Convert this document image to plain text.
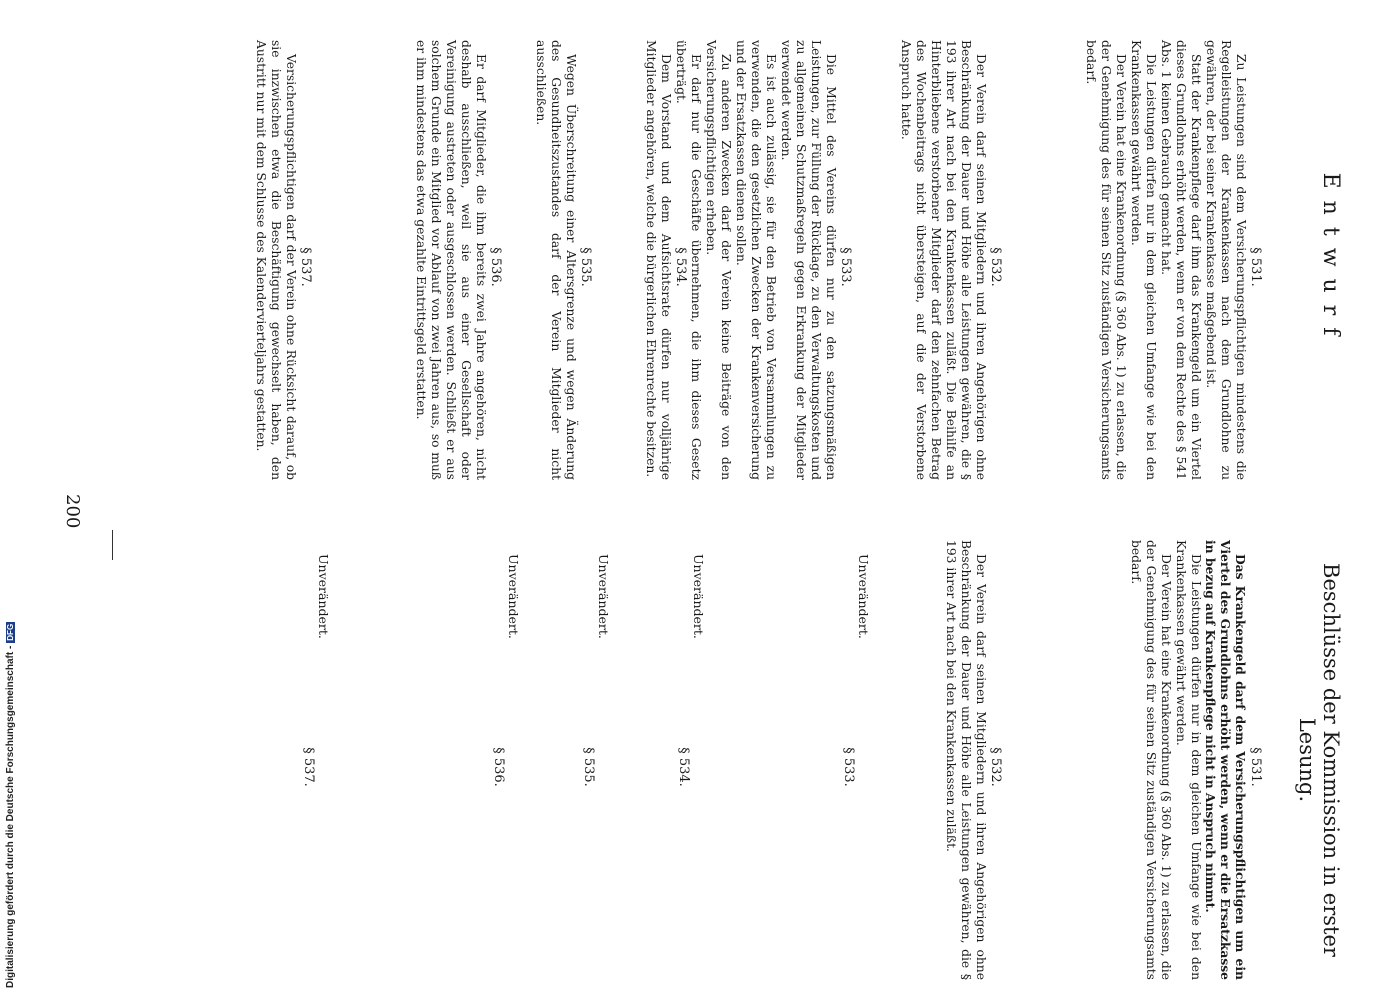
200
Entwurf

§ 531.

Zu Leistungen sind dem Versicherungspflichtigen mindestens die Regelleistungen der Krankenkassen nach dem Grundlohne zu gewähren, der bei seiner Krankenkasse maßgebend ist.

Statt der Krankenpflege darf ihm das Krankengeld um ein Viertel dieses Grundlohns erhöht werden, wenn er von dem Rechte des § 541 Abs. 1 keinen Gebrauch gemacht hat.

Die Leistungen dürfen nur in dem gleichen Umfange wie bei den Krankenkassen gewährt werden.

Der Verein hat eine Krankenordnung (§ 360 Abs. 1) zu erlassen, die der Genehmigung des für seinen Sitz zuständigen Versicherungsamts bedarf.

§ 532.

Der Verein darf seinen Mitgliedern und ihren Angehörigen ohne Beschränkung der Dauer und Höhe alle Leistungen gewähren, die § 193 ihrer Art nach bei den Krankenkassen zuläßt. Die Beihilfe an Hinterbliebene verstorbener Mitglieder darf den zehnfachen Betrag des Wochenbeitrags nicht übersteigen, auf die der Verstorbene Anspruch hatte.

§ 533.

Die Mittel des Vereins dürfen nur zu den satzungsmäßigen Leistungen, zur Füllung der Rücklage, zu den Verwaltungskosten und zu allgemeinen Schutzmaßregeln gegen Erkrankung der Mitglieder verwendet werden.

Es ist auch zulässig, sie für den Betrieb von Versammlungen zu verwenden, die den gesetzlichen Zwecken der Krankenversicherung und der Ersatzkassen dienen sollen.

Zu anderen Zwecken darf der Verein keine Beiträge von den Versicherungspflichtigen erheben.

Er darf nur die Geschäfte übernehmen, die ihm dieses Gesetz überträgt.

§ 534.

Dem Vorstand und dem Aufsichtsrate dürfen nur volljährige Mitglieder angehören, welche die bürgerlichen Ehrenrechte besitzen.

§ 535.

Wegen Überschreitung einer Altersgrenze und wegen Änderung des Gesundheitszustandes darf der Verein Mitglieder nicht ausschließen.

§ 536.

Er darf Mitglieder, die ihm bereits zwei Jahre angehören, nicht deshalb ausschließen, weil sie aus einer Gesellschaft oder Vereinigung austreten oder ausgeschlossen werden. Schließt er aus solchem Grunde ein Mitglied vor Ablauf von zwei Jahren aus, so muß er ihm mindestens das etwa gezahlte Eintrittsgeld erstatten.

§ 537.

Versicherungspflichtigen darf der Verein ohne Rücksicht darauf, ob sie inzwischen etwa die Beschäftigung gewechselt haben, den Austritt nur mit dem Schlusse des Kalendervierteljahrs gestatten.

Beschlüsse der Kommission in erster Lesung.

§ 531.

Das Krankengeld darf dem Versicherungspflichtigen um ein Viertel des Grundlohns erhöht werden, wenn er die Ersatzkasse in bezug auf Krankenpflege nicht in Anspruch nimmt.

Die Leistungen dürfen nur in dem gleichen Umfange wie bei den Krankenkassen gewährt werden.

Der Verein hat eine Krankenordnung (§ 360 Abs. 1) zu erlassen, die der Genehmigung des für seinen Sitz zuständigen Versicherungsamts bedarf.

§ 532.

Der Verein darf seinen Mitgliedern und ihren Angehörigen ohne Beschränkung der Dauer und Höhe alle Leistungen gewähren, die § 193 ihrer Art nach bei den Krankenkassen zuläßt.

Unverändert.

§ 533.

Unverändert.

§ 534.

Unverändert.

§ 535.

Unverändert.

§ 536.

Unverändert.

§ 537.

Digitalisierung gefördert durch die Deutsche Forschungsgemeinschaft -DFG
